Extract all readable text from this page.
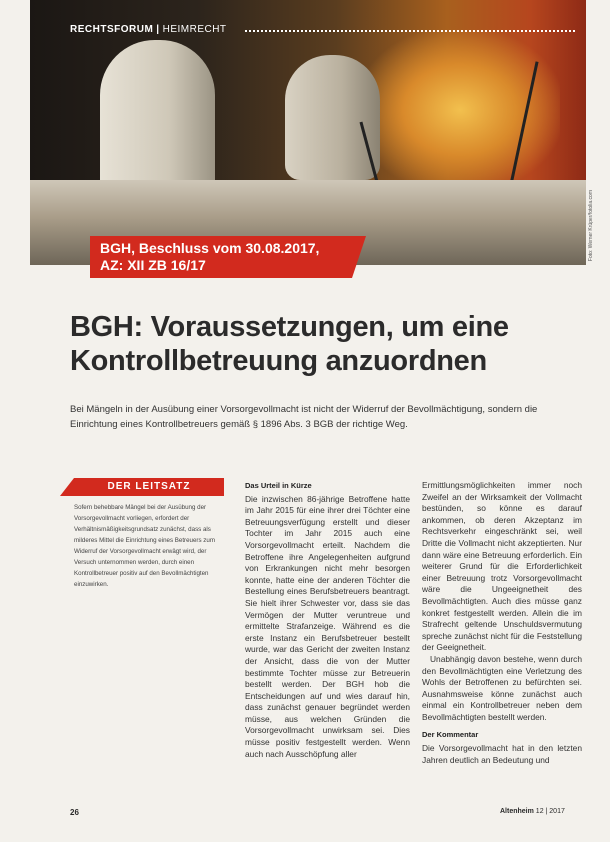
RECHTSFORUM | HEIMRECHT
Foto: Werner Krüper/fotolia.com
BGH, Beschluss vom 30.08.2017,
AZ: XII ZB 16/17
BGH: Voraussetzungen, um eine
Kontrollbetreuung anzuordnen
Bei Mängeln in der Ausübung einer Vorsorgevollmacht ist nicht der Widerruf der Bevollmächtigung, sondern die Einrichtung eines Kontrollbetreuers gemäß § 1896 Abs. 3 BGB der richtige Weg.
DER LEITSATZ
Sofern behebbare Mängel bei der Ausübung der Vorsorgevollmacht vorliegen, erfordert der Verhältnismäßigkeitsgrundsatz zunächst, dass als milderes Mittel die Einrichtung eines Betreuers zum Widerruf der Vorsorgevollmacht erwägt wird, der Versuch unternommen werden, durch einen Kontrollbetreuer positiv auf den Bevollmächtigten einzuwirken.
Das Urteil in Kürze

Die inzwischen 86-jährige Betroffene hatte im Jahr 2015 für eine ihrer drei Töchter eine Betreuungsverfügung erstellt und dieser Tochter im Jahr 2015 auch eine Vorsorgevollmacht erteilt. Nachdem die Betroffene ihre Angelegenheiten aufgrund von Erkrankungen nicht mehr besorgen konnte, hatte eine der anderen Töchter die Bestellung eines Berufsbetreuers beantragt. Sie hielt ihrer Schwester vor, dass sie das Vermögen der Mutter veruntreue und ermittelte Strafanzeige. Während es die erste Instanz ein Berufsbetreuer bestellt wurde, war das Gericht der zweiten Instanz der Ansicht, dass die von der Mutter bestimmte Tochter müsse zur Betreuerin bestellt werden. Der BGH hob die Entscheidungen auf und wies darauf hin, dass zunächst genauer begründet werden müsse, aus welchen Gründen die Vorsorgevollmacht unwirksam sei. Dies müsse positiv festgestellt werden. Wenn auch nach Ausschöpfung aller

Ermittlungsmöglichkeiten immer noch Zweifel an der Wirksamkeit der Vollmacht bestünden, so könne es darauf ankommen, ob deren Akzeptanz im Rechtsverkehr eingeschränkt sei, weil Dritte die Vollmacht nicht akzeptierten. Nur dann wäre eine Betreuung erforderlich. Ein weiterer Grund für die Erforderlichkeit einer Betreuung trotz Vorsorgevollmacht wäre die Ungeeignetheit des Bevollmächtigten. Auch dies müsse ganz konkret festgestellt werden. Allein die im Strafrecht geltende Unschuldsvermutung spreche zunächst nicht für die Feststellung der Geeignetheit.

Unabhängig davon bestehe, wenn durch den Bevollmächtigten eine Verletzung des Wohls der Betroffenen zu befürchten sei. Ausnahmsweise könne zunächst auch einmal ein Kontrollbetreuer neben dem Bevollmächtigten bestellt werden.

Der Kommentar

Die Vorsorgevollmacht hat in den letzten Jahren deutlich an Bedeutung und

26	Altenheim 12 | 2017
